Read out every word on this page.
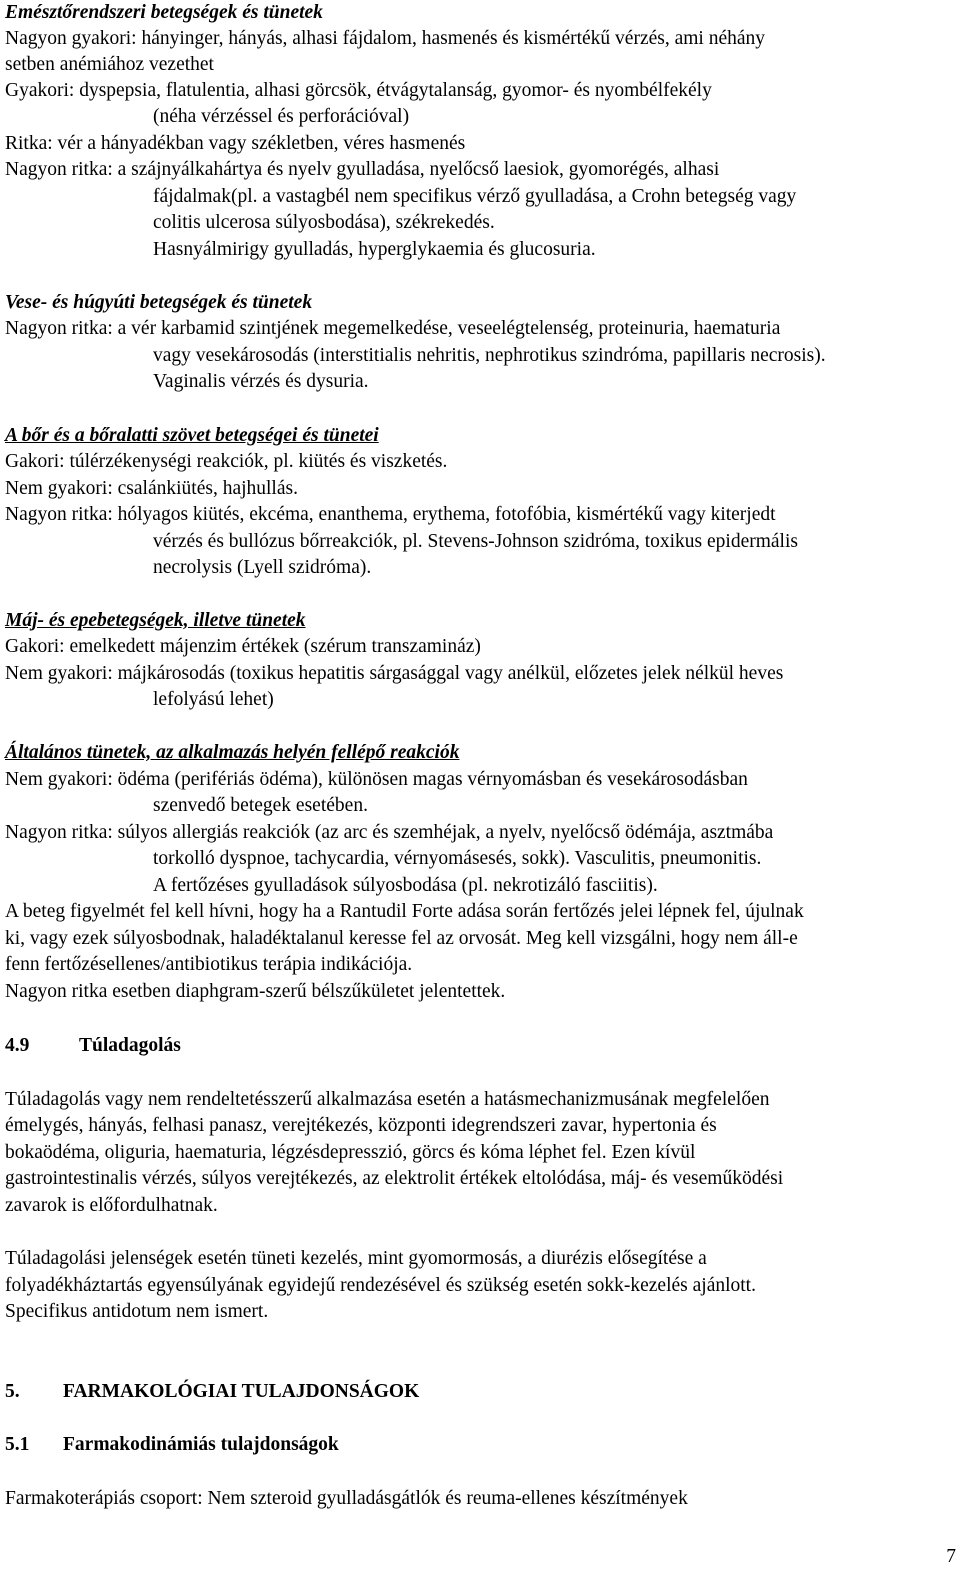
Emésztőrendszeri betegségek és tünetek
Nagyon gyakori: hányinger, hányás, alhasi fájdalom, hasmenés és kismértékű vérzés, ami néhány
setben anémiához vezethet
Gyakori: dyspepsia, flatulentia, alhasi görcsök, étvágytalanság, gyomor- és nyombélfekély
(néha vérzéssel és perforációval)
Ritka: vér a hányadékban vagy székletben, véres hasmenés
Nagyon ritka: a szájnyálkahártya és nyelv gyulladása, nyelőcső laesiok, gyomorégés, alhasi
fájdalmak(pl. a vastagbél nem specifikus vérző gyulladása, a Crohn betegség vagy
colitis ulcerosa súlyosbodása), székrekedés.
Hasnyálmirigy gyulladás, hyperglykaemia és glucosuria.
Vese- és húgyúti betegségek és tünetek
Nagyon ritka: a vér karbamid szintjének megemelkedése, veseelégtelenség, proteinuria, haematuria
vagy vesekárosodás (interstitialis nehritis, nephrotikus szindróma, papillaris necrosis).
Vaginalis vérzés és dysuria.
A bőr és a bőralatti szövet betegségei és tünetei
Gakori: túlérzékenységi reakciók, pl. kiütés és viszketés.
Nem gyakori: csalánkiütés, hajhullás.
Nagyon ritka: hólyagos kiütés, ekcéma, enanthema, erythema, fotofóbia, kismértékű vagy kiterjedt
vérzés és bullózus bőrreakciók, pl. Stevens-Johnson szidróma, toxikus epidermális
necrolysis (Lyell szidróma).
Máj- és epebetegségek, illetve tünetek
Gakori: emelkedett májenzim értékek (szérum transzamináz)
Nem gyakori: májkárosodás (toxikus hepatitis sárgasággal vagy anélkül, előzetes jelek nélkül heves
lefolyású lehet)
Általános tünetek, az alkalmazás helyén fellépő reakciók
Nem gyakori: ödéma (perifériás ödéma), különösen magas vérnyomásban és vesekárosodásban
szenvedő betegek esetében.
Nagyon ritka: súlyos allergiás reakciók (az arc és szemhéjak, a nyelv, nyelőcső ödémája, asztmába
torkolló dyspnoe, tachycardia, vérnyomásesés, sokk). Vasculitis, pneumonitis.
A fertőzéses gyulladások súlyosbodása (pl. nekrotizáló fasciitis).
A beteg figyelmét fel kell hívni, hogy ha a Rantudil Forte adása során fertőzés jelei lépnek fel, újulnak
ki, vagy ezek súlyosbodnak, haladéktalanul keresse fel az orvosát. Meg kell vizsgálni, hogy nem áll-e
fenn fertőzésellenes/antibiotikus terápia indikációja.
Nagyon ritka esetben diaphgram-szerű bélszűkületet jelentettek.
4.9	Túladagolás
Túladagolás vagy nem rendeltetésszerű alkalmazása esetén a hatásmechanizmusának megfelelően
émelygés, hányás, felhasi panasz, verejtékezés, központi idegrendszeri zavar, hypertonia és
bokaödéma, oliguria, haematuria, légzésdepresszió, görcs és kóma léphet fel. Ezen kívül
gastrointestinalis vérzés, súlyos verejtékezés, az elektrolit értékek eltolódása, máj- és veseműködési
zavarok is előfordulhatnak.
Túladagolási jelenségek esetén tüneti kezelés, mint gyomormosás, a diurézis elősegítése a
folyadékháztartás egyensúlyának egyidejű rendezésével és szükség esetén sokk-kezelés ajánlott.
Specifikus antidotum nem ismert.
5. FARMAKOLÓGIAI TULAJDONSÁGOK
5.1 Farmakodinámiás tulajdonságok
Farmakoterápiás csoport: Nem szteroid gyulladásgátlók és reuma-ellenes készítmények
7
